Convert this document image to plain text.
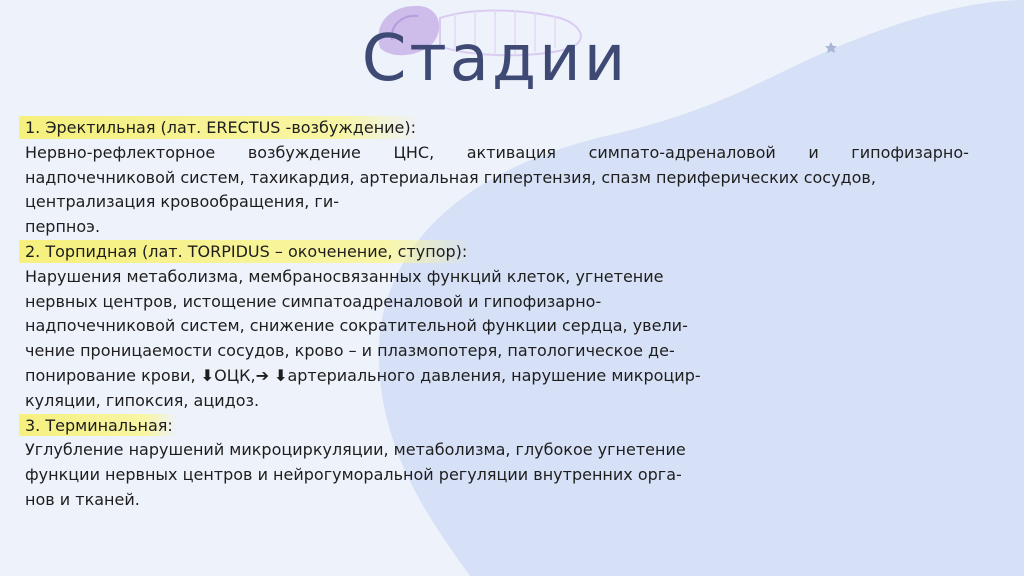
Стадии
1. Эректильная (лат. ERECTUS -возбуждение):
Нервно-рефлекторное возбуждение ЦНС, активация симпато-адреналовой и гипофизарно-
надпочечниковой систем, тахикардия, артериальная гипертензия, спазм периферических сосудов,
централизация кровообращения, ги-
перпноэ.
2. Торпидная (лат. TORPIDUS – окоченение, ступор):
Нарушения метаболизма, мембраносвязанных функций клеток, угнетение
нервных центров, истощение симпатоадреналовой и гипофизарно-
надпочечниковой систем, снижение сократительной функции сердца, увели-
чение проницаемости сосудов, крово – и плазмопотеря, патологическое де-
понирование крови, ⬇ОЦК,➔ ⬇артериального давления, нарушение микроцир-
куляции, гипоксия, ацидоз.
3. Терминальная:
Углубление нарушений микроциркуляции, метаболизма, глубокое угнетение
функции нервных центров и нейрогуморальной регуляции внутренних орга-
нов и тканей.
